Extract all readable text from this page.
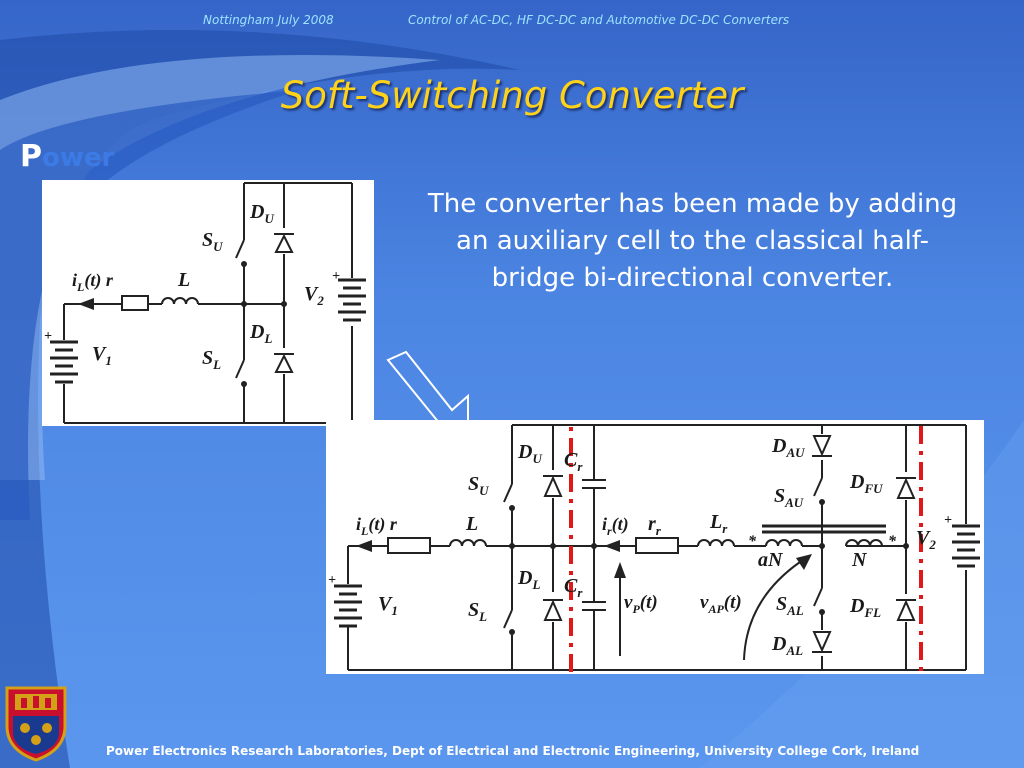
Nottingham July 2008	Control of AC-DC, HF DC-DC and Automotive DC-DC Converters
Soft-Switching Converter
Power
The converter has been made by adding an auxiliary cell to the classical half-bridge bi-directional converter.
+
+
$D_U$
$S_U$
$i_L(t)$ r	L
$V_2$
$D_L$
$S_L$
$V_1$
+
+
$D_U$ $C_r$
$S_U$
$i_L(t)$ r	L	$i_r(t)$ $r_r$ $L_r$
$D_{AU}$
$S_{AU}$
$D_{FU}$
aN	N
*	* $V_2$
$D_L$ $C_r$
$S_L$
$v_P(t)$ $v_{AP}(t)$ $S_{AL}$ $D_{FL}$
$D_{AL}$
$V_1$
Power Electronics Research Laboratories, Dept of Electrical and Electronic Engineering, University College Cork, Ireland
